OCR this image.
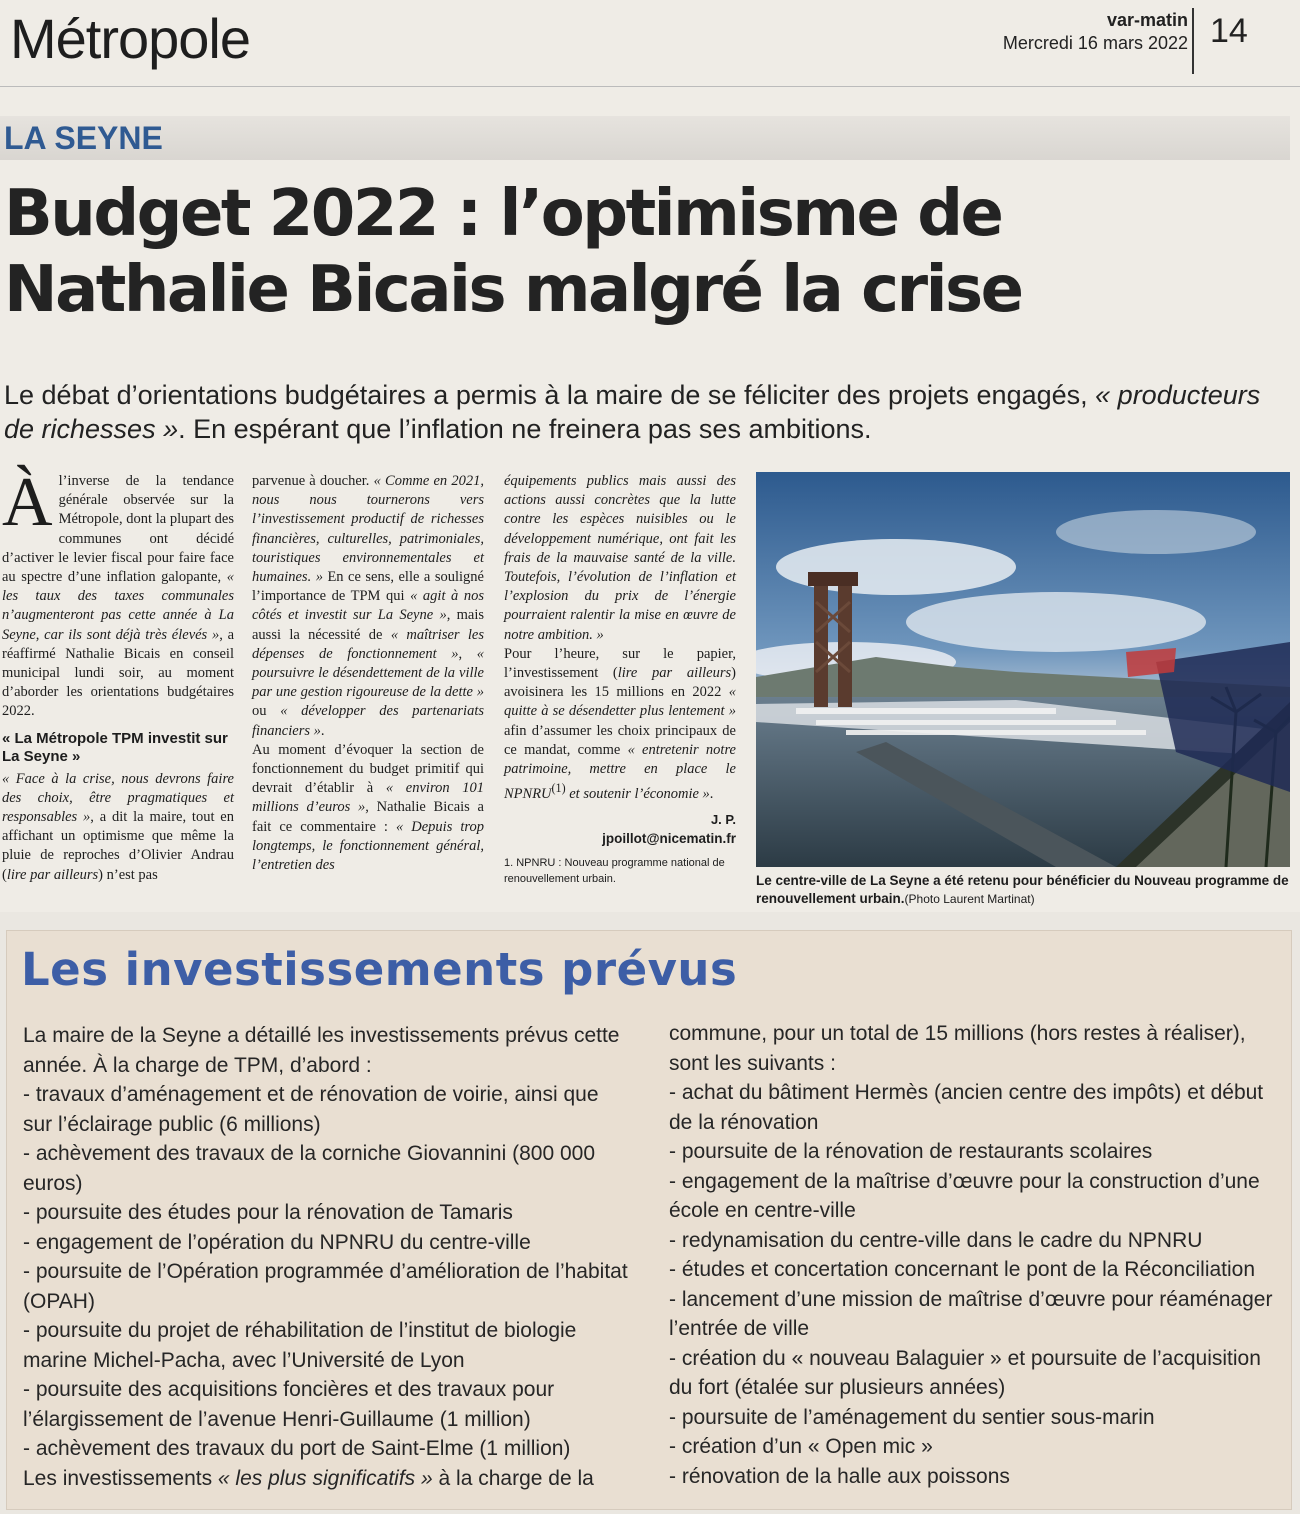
Métropole	var-matin
Mercredi 16 mars 2022 14
LA SEYNE
Budget 2022 : l’optimisme de
Nathalie Bicais malgré la crise
Le débat d’orientations budgétaires a permis à la maire de se féliciter des projets engagés, « producteurs de richesses ». En espérant que l’inflation ne freinera pas ses ambitions.

Àl’inverse de la tendance générale observée sur la Métropole, dont la plupart des communes ont décidé d’activer le levier fiscal pour faire face au spectre d’une inflation galopante, « les taux des taxes communales n’augmenteront pas cette année à La Seyne, car ils sont déjà très élevés », a réaffirmé Nathalie Bicais en conseil municipal lundi soir, au moment d’aborder les orientations budgétaires 2022.

« La Métropole TPM investit sur La Seyne »

« Face à la crise, nous devrons faire des choix, être pragmatiques et responsables », a dit la maire, tout en affichant un optimisme que même la pluie de reproches d’Olivier Andrau (lire par ailleurs) n’est pas

parvenue à doucher. « Comme en 2021, nous nous tournerons vers l’investissement productif de richesses financières, culturelles, patrimoniales, touristiques environnementales et humaines. » En ce sens, elle a souligné l’importance de TPM qui « agit à nos côtés et investit sur La Seyne », mais aussi la nécessité de « maîtriser les dépenses de fonctionnement », « poursuivre le désendettement de la ville par une gestion rigoureuse de la dette » ou « développer des partenariats financiers ».

Au moment d’évoquer la section de fonctionnement du budget primitif qui devrait d’établir à « environ 101 millions d’euros », Nathalie Bicais a fait ce commentaire : « Depuis trop longtemps, le fonctionnement général, l’entretien des

équipements publics mais aussi des actions aussi concrètes que la lutte contre les espèces nuisibles ou le développement numérique, ont fait les frais de la mauvaise santé de la ville. Toutefois, l’évolution de l’inflation et l’explosion du prix de l’énergie pourraient ralentir la mise en œuvre de notre ambition. »

Pour l’heure, sur le papier, l’investissement (lire par ailleurs) avoisinera les 15 millions en 2022 « quitte à se désendetter plus lentement » afin d’assumer les choix principaux de ce mandat, comme « entretenir notre patrimoine, mettre en place le NPNRU$^{(1)}$ et soutenir l’économie ».

J. P.
jpoillot@nicematin.fr
1. NPNRU : Nouveau programme national de renouvellement urbain.	Le centre-ville de La Seyne a été retenu pour bénéficier du Nouveau programme de renouvellement urbain.(Photo Laurent Martinat)
Les investissements prévus

La maire de la Seyne a détaillé les investissements prévus cette année. À la charge de TPM, d’abord :

- travaux d’aménagement et de rénovation de voirie, ainsi que sur l’éclairage public (6 millions)

- achèvement des travaux de la corniche Giovannini (800 000 euros)

- poursuite des études pour la rénovation de Tamaris

- engagement de l’opération du NPNRU du centre-ville

- poursuite de l’Opération programmée d’amélioration de l’habitat (OPAH)

- poursuite du projet de réhabilitation de l’institut de biologie marine Michel-Pacha, avec l’Université de Lyon

- poursuite des acquisitions foncières et des travaux pour l’élargissement de l’avenue Henri-Guillaume (1 million)

- achèvement des travaux du port de Saint-Elme (1 million)

Les investissements « les plus significatifs » à la charge de la

commune, pour un total de 15 millions (hors restes à réaliser), sont les suivants :

- achat du bâtiment Hermès (ancien centre des impôts) et début de la rénovation

- poursuite de la rénovation de restaurants scolaires

- engagement de la maîtrise d’œuvre pour la construction d’une école en centre-ville

- redynamisation du centre-ville dans le cadre du NPNRU

- études et concertation concernant le pont de la Réconciliation

- lancement d’une mission de maîtrise d’œuvre pour réaménager l’entrée de ville

- création du « nouveau Balaguier » et poursuite de l’acquisition du fort (étalée sur plusieurs années)

- poursuite de l’aménagement du sentier sous-marin

- création d’un « Open mic »

- rénovation de la halle aux poissons
